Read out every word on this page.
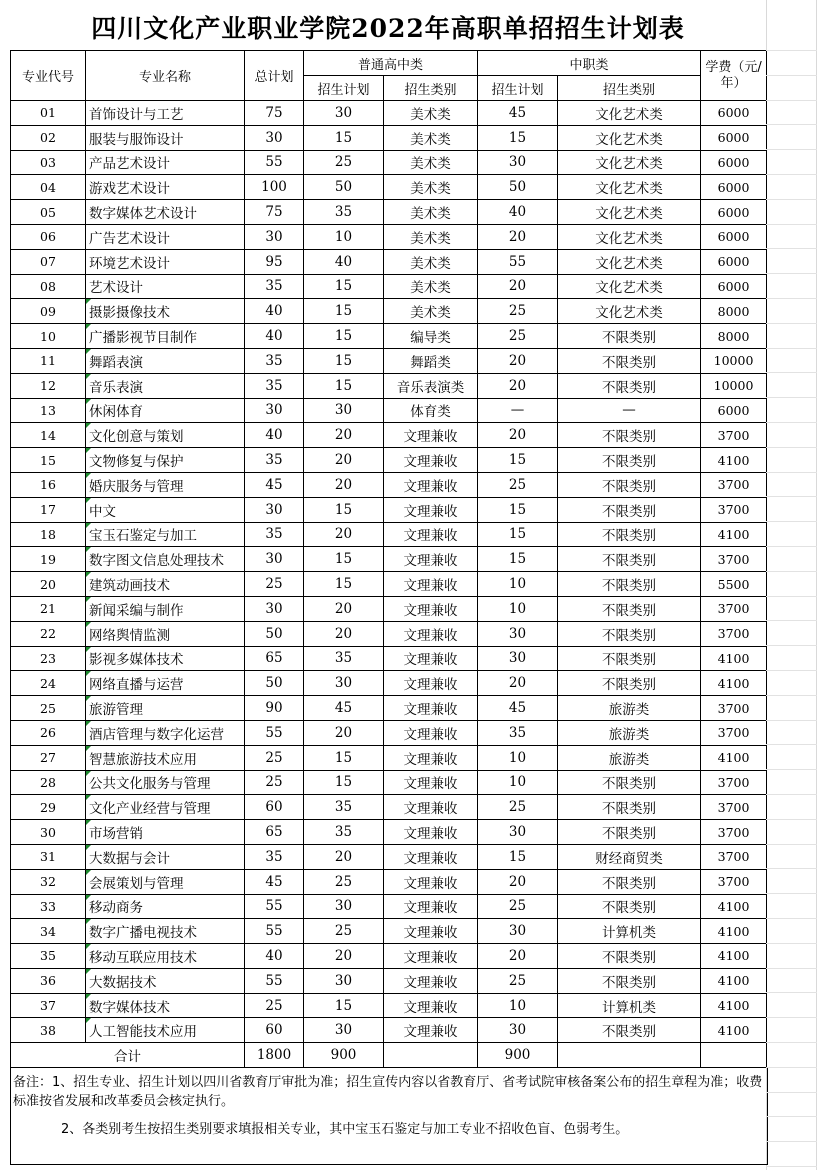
四川文化产业职业学院2022年高职单招招生计划表
专业代号	专业名称	总计划	普通高中类		中职类		学费（元/年）
			招生计划	招生类别	招生计划	招生类别	
01	首饰设计与工艺	75	30	美术类	45	文化艺术类	6000
02	服装与服饰设计	30	15	美术类	15	文化艺术类	6000
03	产品艺术设计	55	25	美术类	30	文化艺术类	6000
04	游戏艺术设计	100	50	美术类	50	文化艺术类	6000
05	数字媒体艺术设计	75	35	美术类	40	文化艺术类	6000
06	广告艺术设计	30	10	美术类	20	文化艺术类	6000
07	环境艺术设计	95	40	美术类	55	文化艺术类	6000
08	艺术设计	35	15	美术类	20	文化艺术类	6000
09	摄影摄像技术	40	15	美术类	25	文化艺术类	8000
10	广播影视节目制作	40	15	编导类	25	不限类别	8000
11	舞蹈表演	35	15	舞蹈类	20	不限类别	10000
12	音乐表演	35	15	音乐表演类	20	不限类别	10000
13	休闲体育	30	30	体育类	—	—	6000
14	文化创意与策划	40	20	文理兼收	20	不限类别	3700
15	文物修复与保护	35	20	文理兼收	15	不限类别	4100
16	婚庆服务与管理	45	20	文理兼收	25	不限类别	3700
17	中文	30	15	文理兼收	15	不限类别	3700
18	宝玉石鉴定与加工	35	20	文理兼收	15	不限类别	4100
19	数字图文信息处理技术	30	15	文理兼收	15	不限类别	3700
20	建筑动画技术	25	15	文理兼收	10	不限类别	5500
21	新闻采编与制作	30	20	文理兼收	10	不限类别	3700
22	网络舆情监测	50	20	文理兼收	30	不限类别	3700
23	影视多媒体技术	65	35	文理兼收	30	不限类别	4100
24	网络直播与运营	50	30	文理兼收	20	不限类别	4100
25	旅游管理	90	45	文理兼收	45	旅游类	3700
26	酒店管理与数字化运营	55	20	文理兼收	35	旅游类	3700
27	智慧旅游技术应用	25	15	文理兼收	10	旅游类	4100
28	公共文化服务与管理	25	15	文理兼收	10	不限类别	3700
29	文化产业经营与管理	60	35	文理兼收	25	不限类别	3700
30	市场营销	65	35	文理兼收	30	不限类别	3700
31	大数据与会计	35	20	文理兼收	15	财经商贸类	3700
32	会展策划与管理	45	25	文理兼收	20	不限类别	3700
33	移动商务	55	30	文理兼收	25	不限类别	4100
34	数字广播电视技术	55	25	文理兼收	30	计算机类	4100
35	移动互联应用技术	40	20	文理兼收	20	不限类别	4100
36	大数据技术	55	30	文理兼收	25	不限类别	4100
37	数字媒体技术	25	15	文理兼收	10	计算机类	4100
38	人工智能技术应用	60	30	文理兼收	30	不限类别	4100
合计		1800	900		900		
备注：1、招生专业、招生计划以四川省教育厅审批为准；招生宣传内容以省教育厅、省考试院审核备案公布的招生章程为准；收费标准按省发展和改革委员会核定执行。
2、各类别考生按招生类别要求填报相关专业，其中宝玉石鉴定与加工专业不招收色盲、色弱考生。
